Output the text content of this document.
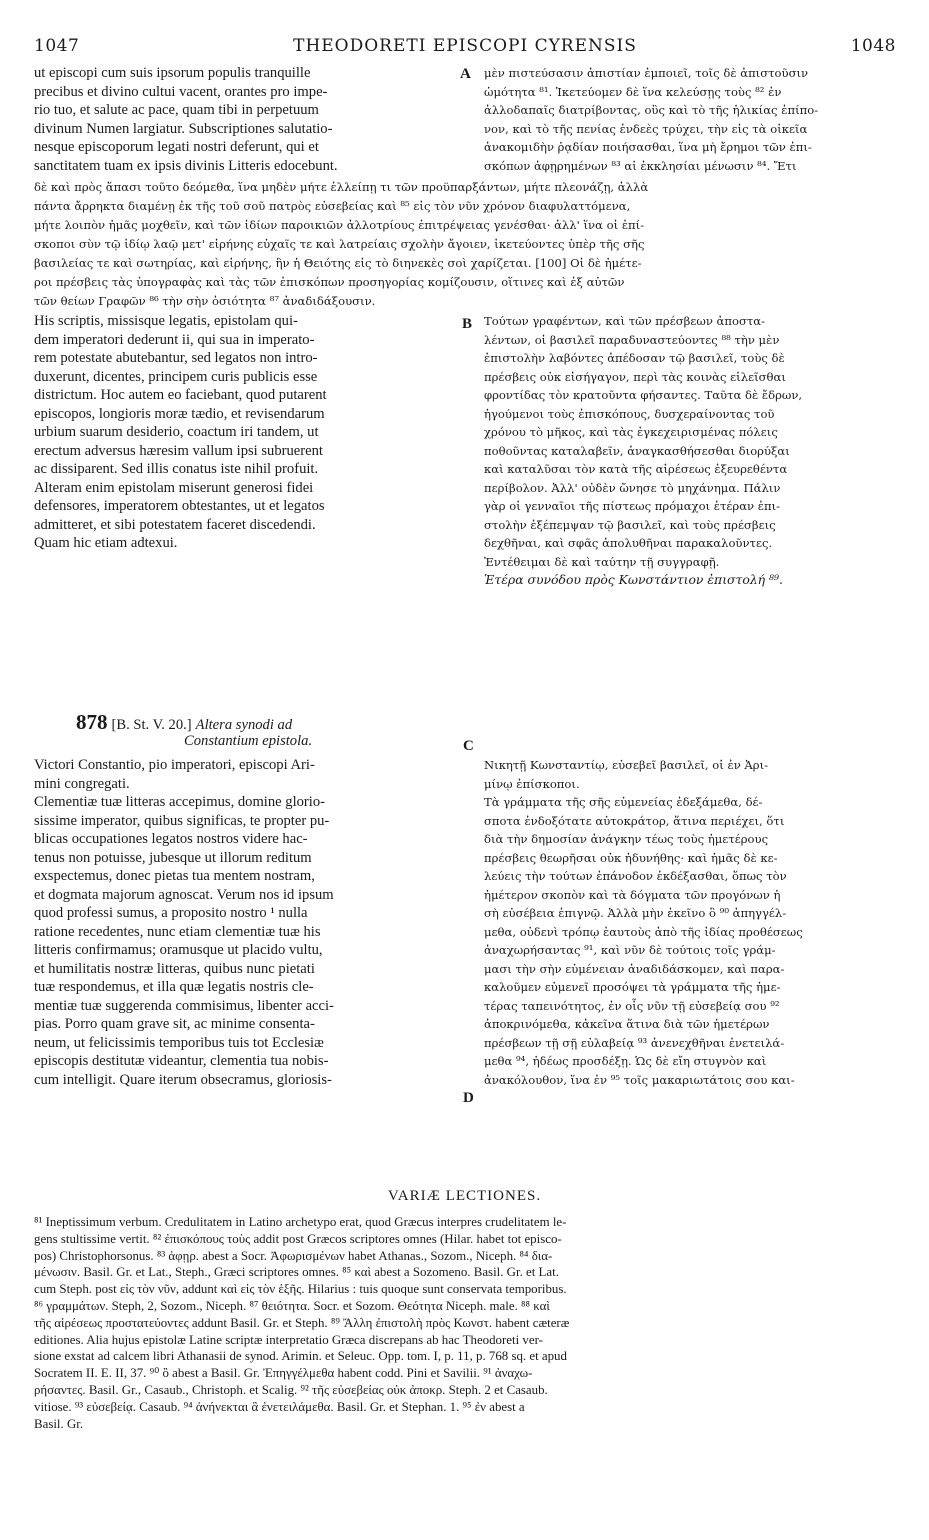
1047	THEODORETI EPISCOPI CYRENSIS	1048
ut episcopi cum suis ipsorum populis tranquille
precibus et divino cultui vacent, orantes pro impe-
rio tuo, et salute ac pace, quam tibi in perpetuum
divinum Numen largiatur. Subscriptiones salutatio-
nesque episcoporum legati nostri deferunt, qui et
sanctitatem tuam ex ipsis divinis Litteris edocebunt.
A μὲν πιστεύσασιν ἀπιστίαν ἐμποιεῖ, τοῖς δὲ ἀπιστοῦσιν
ὠμότητα ⁸¹. Ἱκετεύομεν δὲ ἵνα κελεύσῃς τοὺς ⁸² ἐν
ἀλλοδαπαῖς διατρίβοντας, οὓς καὶ τὸ τῆς ἡλικίας ἐπίπο-
νον, καὶ τὸ τῆς πενίας ἐνδεὲς τρύχει, τὴν εἰς τὰ οἰκεῖα
ἀνακομιδὴν ῥᾳδίαν ποιήσασθαι, ἵνα μὴ ἔρημοι τῶν ἐπι-
σκόπων ἀφῃρημένων ⁸³ αἱ ἐκκλησίαι μένωσιν ⁸⁴. Ἔτι
δὲ καὶ πρὸς ἅπασι τοῦτο δεόμεθα, ἵνα μηδὲν μήτε ἐλλείπῃ τι τῶν προϋπαρξάντων, μήτε πλεονάζῃ, ἀλλὰ
πάντα ἄρρηκτα διαμένῃ ἐκ τῆς τοῦ σοῦ πατρὸς εὐσεβείας καὶ ⁸⁵ εἰς τὸν νῦν χρόνον διαφυλαττόμενα,
μήτε λοιπὸν ἡμᾶς μοχθεῖν, καὶ τῶν ἰδίων παροικιῶν ἀλλοτρίους ἐπιτρέψειας γενέσθαι· ἀλλ' ἵνα οἱ ἐπί-
σκοποι σὺν τῷ ἰδίῳ λαῷ μετ' εἰρήνης εὐχαῖς τε καὶ λατρείαις σχολὴν ἄγοιεν, ἱκετεύοντες ὑπὲρ τῆς σῆς
βασιλείας τε καὶ σωτηρίας, καὶ εἰρήνης, ἣν ἡ Θειότης εἰς τὸ διηνεκὲς σοὶ χαρίζεται. [100] Οἱ δὲ ἡμέτε-
ροι πρέσβεις τὰς ὑπογραφὰς καὶ τὰς τῶν ἐπισκόπων προσηγορίας κομίζουσιν, οἵτινες καὶ ἐξ αὐτῶν
τῶν θείων Γραφῶν ⁸⁶ τὴν σὴν ὁσιότητα ⁸⁷ ἀναδιδάξουσιν.
His scriptis, missisque legatis, epistolam qui-
dem imperatori dederunt ii, qui sua in imperato-
rem potestate abutebantur, sed legatos non intro-
duxerunt, dicentes, principem curis publicis esse
districtum. Hoc autem eo faciebant, quod putarent
episcopos, longioris moræ tædio, et revisendarum
urbium suarum desiderio, coactum iri tandem, ut
erectum adversus hæresim vallum ipsi subruerent
ac dissiparent. Sed illis conatus iste nihil profuit.
Alteram enim epistolam miserunt generosi fidei
defensores, imperatorem obtestantes, ut et legatos
admitteret, et sibi potestatem faceret discedendi.
Quam hic etiam adtexui.
B Τούτων γραφέντων, καὶ τῶν πρέσβεων ἀποστα-
λέντων, οἱ βασιλεῖ παραδυναστεύοντες ⁸⁸ τὴν μὲν
ἐπιστολὴν λαβόντες ἀπέδοσαν τῷ βασιλεῖ, τοὺς δὲ
πρέσβεις οὐκ εἰσήγαγον, περὶ τὰς κοινὰς εἱλεῖσθαι
φροντίδας τὸν κρατοῦντα φήσαντες. Ταῦτα δὲ ἔδρων,
ἡγούμενοι τοὺς ἐπισκόπους, δυσχεραίνοντας τοῦ
χρόνου τὸ μῆκος, καὶ τὰς ἐγκεχειρισμένας πόλεις
ποθοῦντας καταλαβεῖν, ἀναγκασθήσεσθαι διορύξαι
καὶ καταλῦσαι τὸν κατὰ τῆς αἱρέσεως ἐξευρεθέντα
περίβολον. Ἀλλ' οὐδὲν ὤνησε τὸ μηχάνημα. Πάλιν
γὰρ οἱ γενναῖοι τῆς πίστεως πρόμαχοι ἑτέραν ἐπι-
στολὴν ἐξέπεμψαν τῷ βασιλεῖ, καὶ τοὺς πρέσβεις
δεχθῆναι, καὶ σφᾶς ἀπολυθῆναι παρακαλοῦντες.
Ἐντέθειμαι δὲ καὶ ταύτην τῇ συγγραφῇ.
Ἑτέρα συνόδου πρὸς Κωνστάντιον ἐπιστολή ⁸⁹.
878 [B. St. V. 20.] Altera synodi ad
Constantium epistola.	C
Victori Constantio, pio imperatori, episcopi Ari-
mini congregati.
Clementiæ tuæ litteras accepimus, domine glorio-
sissime imperator, quibus significas, te propter pu-
blicas occupationes legatos nostros videre hac-
tenus non potuisse, jubesque ut illorum reditum
exspectemus, donec pietas tua mentem nostram,
et dogmata majorum agnoscat. Verum nos id ipsum
quod professi sumus, a proposito nostro ¹ nulla
ratione recedentes, nunc etiam clementiæ tuæ his
litteris confirmamus; oramusque ut placido vultu,
et humilitatis nostræ litteras, quibus nunc pietati
tuæ respondemus, et illa quæ legatis nostris cle-
mentiæ tuæ suggerenda commisimus, libenter acci-
pias. Porro quam grave sit, ac minime consenta-
neum, ut felicissimis temporibus tuis tot Ecclesiæ
episcopis destitutæ videantur, clementia tua nobis-
cum intelligit. Quare iterum obsecramus, gloriosis-
D
Νικητῇ Κωνσταντίῳ, εὐσεβεῖ βασιλεῖ, οἱ ἐν Ἀρι-
μίνῳ ἐπίσκοποι.
Τὰ γράμματα τῆς σῆς εὐμενείας ἐδεξάμεθα, δέ-
σποτα ἐνδοξότατε αὐτοκράτορ, ἅτινα περιέχει, ὅτι
διὰ τὴν δημοσίαν ἀνάγκην τέως τοὺς ἡμετέρους
πρέσβεις θεωρῆσαι οὐκ ἠδυνήθης· καὶ ἡμᾶς δὲ κε-
λεύεις τὴν τούτων ἐπάνοδον ἐκδέξασθαι, ὅπως τὸν
ἡμέτερον σκοπὸν καὶ τὰ δόγματα τῶν προγόνων ἡ
σὴ εὐσέβεια ἐπιγνῷ. Ἀλλὰ μὴν ἐκεῖνο ὃ ⁹⁰ ἀπηγγέλ-
μεθα, οὐδενὶ τρόπῳ ἑαυτοὺς ἀπὸ τῆς ἰδίας προθέσεως
ἀναχωρήσαντας ⁹¹, καὶ νῦν δὲ τούτοις τοῖς γράμ-
μασι τὴν σὴν εὐμένειαν ἀναδιδάσκομεν, καὶ παρα-
καλοῦμεν εὐμενεῖ προσόψει τὰ γράμματα τῆς ἡμε-
τέρας ταπεινότητος, ἐν οἷς νῦν τῇ εὐσεβείᾳ σου ⁹²
ἀποκρινόμεθα, κἀκεῖνα ἅτινα διὰ τῶν ἡμετέρων
πρέσβεων τῇ σῇ εὐλαβείᾳ ⁹³ ἀνενεχθῆναι ἐνετειλά-
μεθα ⁹⁴, ἡδέως προσδέξῃ. Ὡς δὲ εἴη στυγνὸν καὶ
ἀνακόλουθον, ἵνα ἐν ⁹⁵ τοῖς μακαριωτάτοις σου και-
VARIÆ LECTIONES.
⁸¹ Ineptissimum verbum. Credulitatem in Latino archetypo erat, quod Græcus interpres crudelitatem le-
gens stultissime vertit. ⁸² ἐπισκόπους τοὺς addit post Græcos scriptores omnes (Hilar. habet tot episco-
pos) Christophorsonus. ⁸³ ἀφῃρ. abest a Socr. Ἀφωρισμένων habet Athanas., Sozom., Niceph. ⁸⁴ δια-
μένωσιν. Basil. Gr. et Lat., Steph., Græci scriptores omnes. ⁸⁵ καὶ abest a Sozomeno. Basil. Gr. et Lat.
cum Steph. post εἰς τὸν νῦν, addunt καὶ εἰς τὸν ἑξῆς. Hilarius : tuis quoque sunt conservata temporibus.
⁸⁶ γραμμάτων. Steph, 2, Sozom., Niceph. ⁸⁷ θειότητα. Socr. et Sozom. Θεότητα Niceph. male. ⁸⁸ καὶ
τῆς αἱρέσεως προστατεύοντες addunt Basil. Gr. et Steph. ⁸⁹ Ἄλλη ἐπιστολὴ πρὸς Κωνστ. habent cæteræ
editiones. Alia hujus epistolæ Latine scriptæ interpretatio Græca discrepans ab hac Theodoreti ver-
sione exstat ad calcem libri Athanasii de synod. Arimin. et Seleuc. Opp. tom. I, p. 11, p. 768 sq. et apud
Socratem II. E. II, 37. ⁹⁰ ὃ abest a Basil. Gr. Ἐπηγγέλμεθα habent codd. Pini et Savilii. ⁹¹ ἀναχω-
ρήσαντες. Basil. Gr., Casaub., Christoph. et Scalig. ⁹² τῆς εὐσεβείας οὐκ ἀποκρ. Steph. 2 et Casaub.
vitiose. ⁹³ εὐσεβείᾳ. Casaub. ⁹⁴ ἀνήνεκται ἃ ἐνετειλάμεθα. Basil. Gr. et Stephan. 1. ⁹⁵ ἐν abest a
Basil. Gr.
